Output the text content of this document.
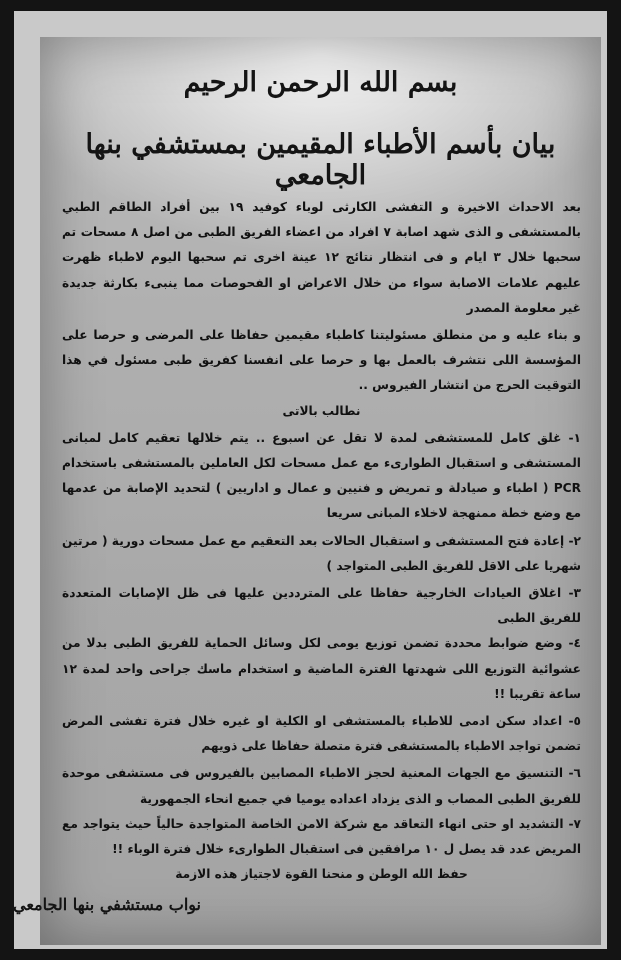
بسم الله الرحمن الرحيم
بيان بأسم الأطباء المقيمين بمستشفي بنها الجامعي

بعد الاحداث الاخيرة و التفشى الكارثى لوباء كوفيد ١٩ بين أفراد الطاقم الطبي بالمستشفى و الذى شهد اصابة ٧ افراد من اعضاء الفريق الطبى من اصل ٨ مسحات تم سحبها خلال ٣ ايام و فى انتظار نتائج ١٢ عينة اخرى تم سحبها اليوم لاطباء ظهرت عليهم علامات الاصابة سواء من خلال الاعراض او الفحوصات مما ينبىء بكارثة جديدة غير معلومة المصدر

و بناء عليه و من منطلق مسئوليتنا كاطباء مقيمين حفاظا على المرضى و حرصا على المؤسسة اللى نتشرف بالعمل بها و حرصا على انفسنا كفريق طبى مسئول في هذا التوقيت الحرج من انتشار الفيروس ..

نطالب بالاتى

١- غلق كامل للمستشفى لمدة لا تقل عن اسبوع .. يتم خلالها تعقيم كامل لمبانى المستشفى و استقبال الطوارىء مع عمل مسحات لكل العاملين بالمستشفى باستخدام PCR ( اطباء و صيادلة و تمريض و فنيين و عمال و اداريين ) لتحديد الإصابة من عدمها مع وضع خطة ممنهجة لاخلاء المبانى سريعا

٢- إعادة فتح المستشفى و استقبال الحالات بعد التعقيم مع عمل مسحات دورية ( مرتين شهريا على الاقل للفريق الطبى المتواجد )

٣- اغلاق العيادات الخارجية حفاظا على المترددين عليها فى ظل الإصابات المتعددة للفريق الطبى

٤- وضع ضوابط محددة تضمن توزيع يومى لكل وسائل الحماية للفريق الطبى بدلا من عشوائية التوزيع اللى شهدتها الفترة الماضية و استخدام ماسك جراحى واحد لمدة ١٢ ساعة تقريبا !!

٥- اعداد سكن ادمى للاطباء بالمستشفى او الكلية او غيره خلال فترة تفشى المرض تضمن تواجد الاطباء بالمستشفى فترة متصلة حفاظا على ذويهم

٦- التنسيق مع الجهات المعنية لحجز الاطباء المصابين بالفيروس فى مستشفى موحدة للفريق الطبى المصاب و الذى يزداد اعداده يوميا في جميع انحاء الجمهورية

٧- التشديد او حتى انهاء التعاقد مع شركة الامن الخاصة المتواجدة حالياً حيث يتواجد مع المريض عدد قد يصل ل ١٠ مرافقين فى استقبال الطوارىء خلال فترة الوباء !!

حفظ الله الوطن و منحنا القوة لاجتياز هذه الازمة

نواب مستشفي بنها الجامعي
